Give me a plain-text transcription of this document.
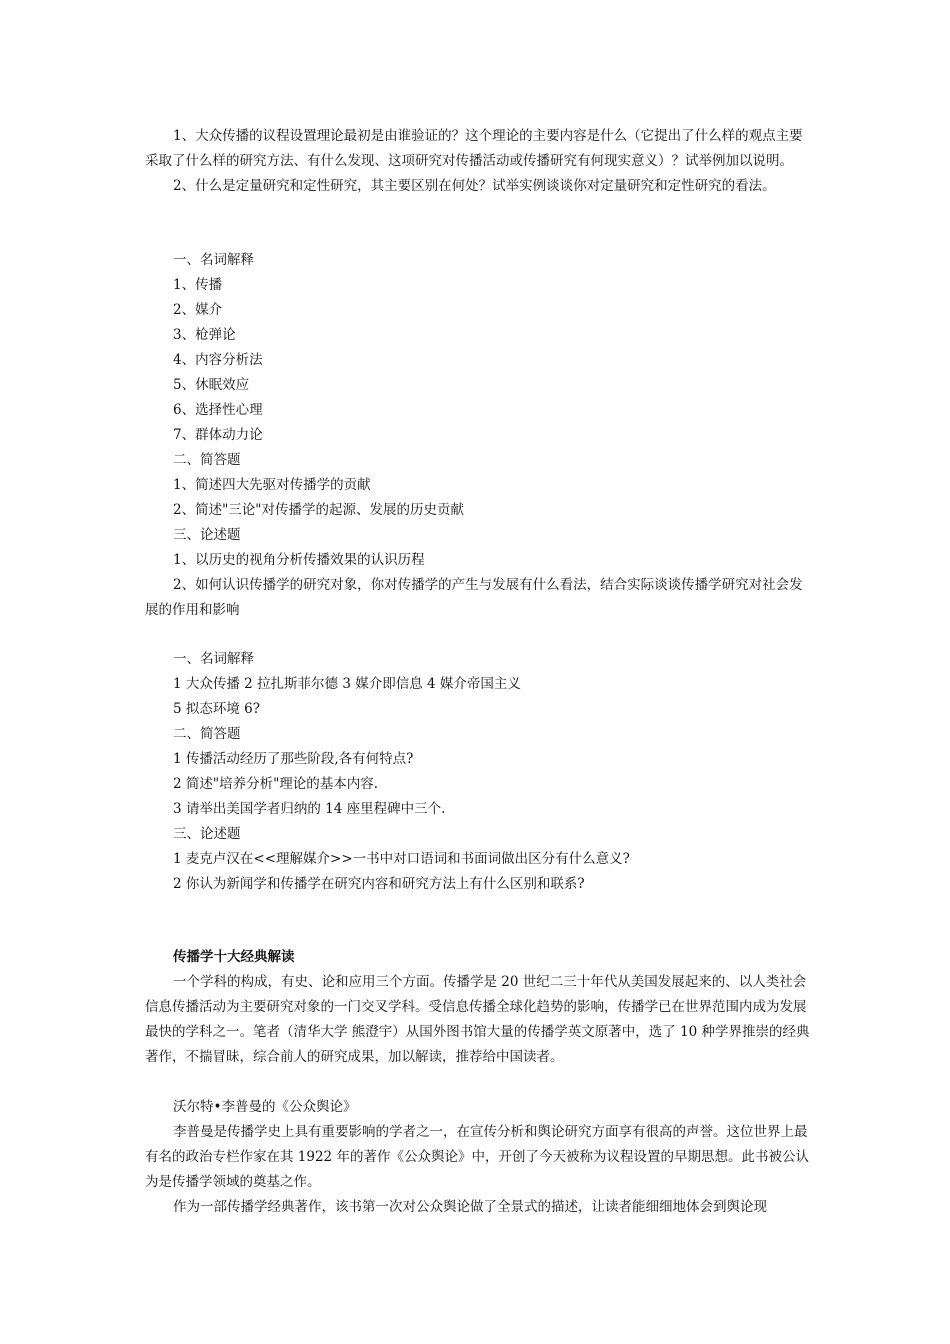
1、大众传播的议程设置理论最初是由谁验证的？这个理论的主要内容是什么（它提出了什么样的观点主要采取了什么样的研究方法、有什么发现、这项研究对传播活动或传播研究有何现实意义）？试举例加以说明。

2、什么是定量研究和定性研究，其主要区别在何处？试举实例谈谈你对定量研究和定性研究的看法。

一、名词解释

1、传播

2、媒介

3、枪弹论

4、内容分析法

5、休眠效应

6、选择性心理

7、群体动力论

二、简答题

1、简述四大先驱对传播学的贡献

2、简述"三论"对传播学的起源、发展的历史贡献

三、论述题

1、以历史的视角分析传播效果的认识历程

2、如何认识传播学的研究对象，你对传播学的产生与发展有什么看法，结合实际谈谈传播学研究对社会发展的作用和影响

一、名词解释

1 大众传播 2 拉扎斯菲尔德 3 媒介即信息 4 媒介帝国主义

5 拟态环境 6?

二、简答题

1 传播活动经历了那些阶段,各有何特点?

2 简述"培养分析"理论的基本内容.

3 请举出美国学者归纳的 14 座里程碑中三个.

三、论述题

1 麦克卢汉在<<理解媒介>>一书中对口语词和书面词做出区分有什么意义?

2 你认为新闻学和传播学在研究内容和研究方法上有什么区别和联系?

传播学十大经典解读

一个学科的构成，有史、论和应用三个方面。传播学是 20 世纪二三十年代从美国发展起来的、以人类社会信息传播活动为主要研究对象的一门交叉学科。受信息传播全球化趋势的影响，传播学已在世界范围内成为发展最快的学科之一。笔者（清华大学 熊澄宇）从国外图书馆大量的传播学英文原著中，选了 10 种学界推崇的经典著作，不揣冒昧，综合前人的研究成果，加以解读，推荐给中国读者。

沃尔特•李普曼的《公众舆论》

李普曼是传播学史上具有重要影响的学者之一，在宣传分析和舆论研究方面享有很高的声誉。这位世界上最有名的政治专栏作家在其 1922 年的著作《公众舆论》中，开创了今天被称为议程设置的早期思想。此书被公认为是传播学领域的奠基之作。

作为一部传播学经典著作，该书第一次对公众舆论做了全景式的描述，让读者能细细地体会到舆论现
